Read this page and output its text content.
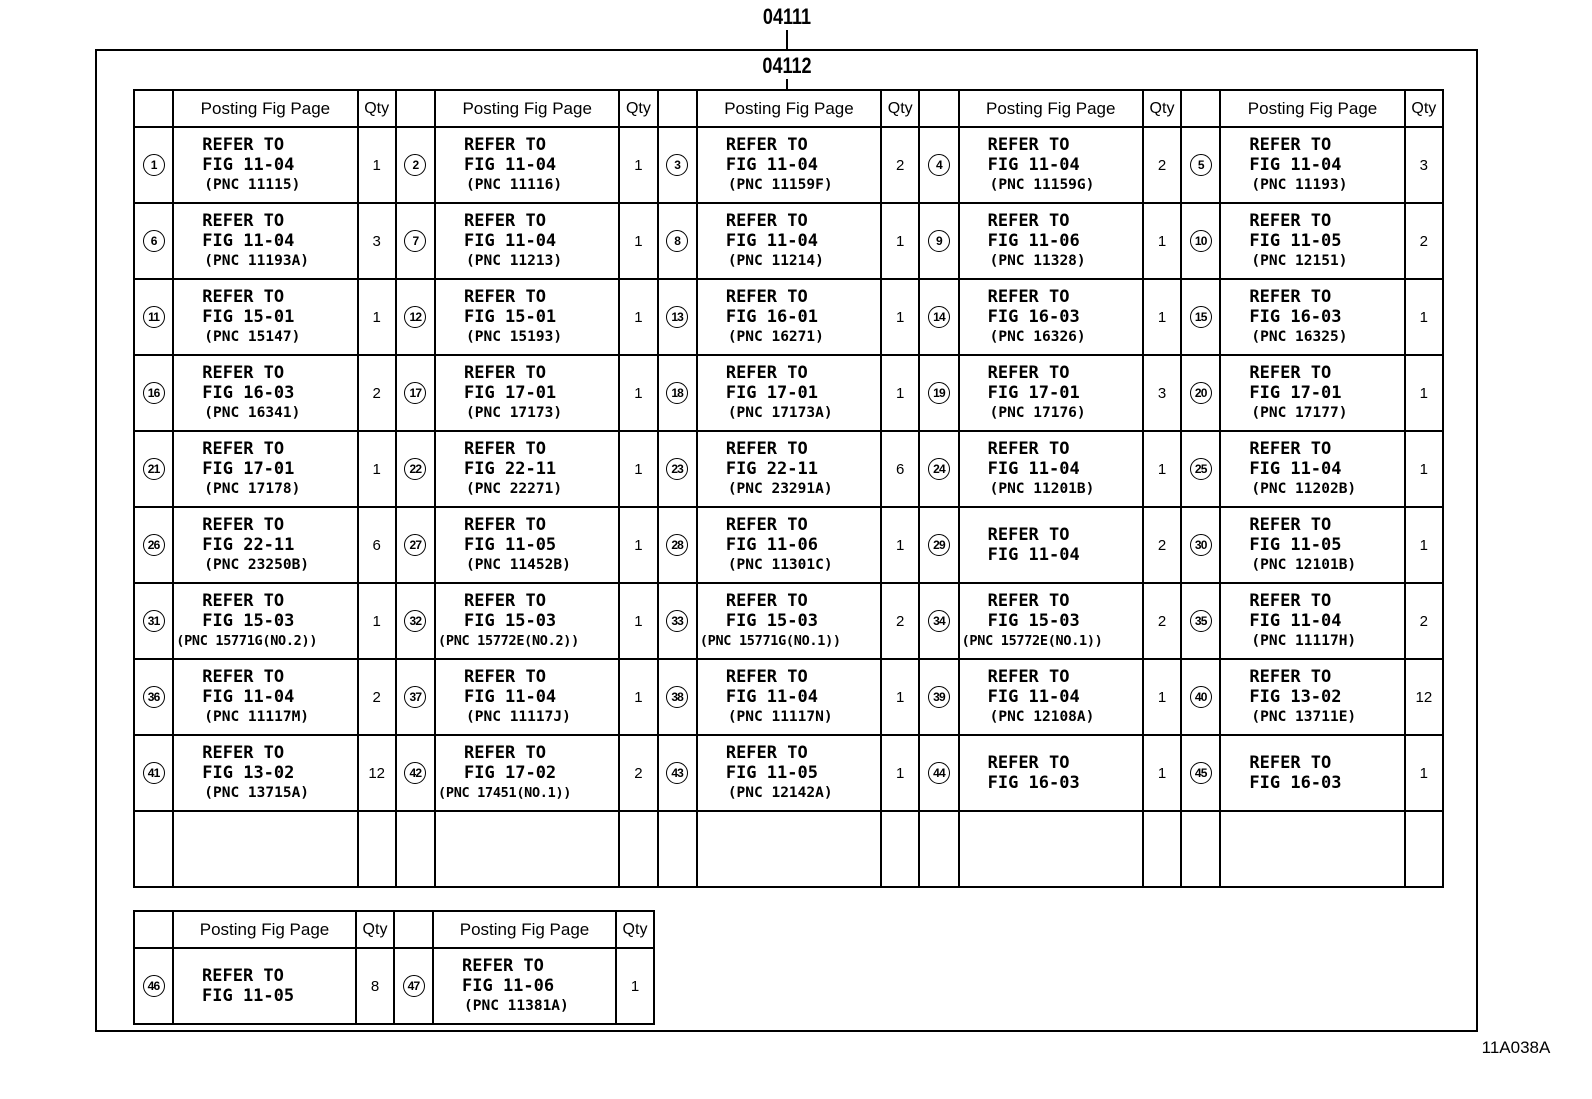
04111
04112
	Posting Fig Page	Qty		Posting Fig Page	Qty		Posting Fig Page	Qty		Posting Fig Page	Qty		Posting Fig Page	Qty
1	REFER TO
FIG 11-04
(PNC 11115)	1	2	REFER TO
FIG 11-04
(PNC 11116)	1	3	REFER TO
FIG 11-04
(PNC 11159F)	2	4	REFER TO
FIG 11-04
(PNC 11159G)	2	5	REFER TO
FIG 11-04
(PNC 11193)	3
6	REFER TO
FIG 11-04
(PNC 11193A)	3	7	REFER TO
FIG 11-04
(PNC 11213)	1	8	REFER TO
FIG 11-04
(PNC 11214)	1	9	REFER TO
FIG 11-06
(PNC 11328)	1	10	REFER TO
FIG 11-05
(PNC 12151)	2
11	REFER TO
FIG 15-01
(PNC 15147)	1	12	REFER TO
FIG 15-01
(PNC 15193)	1	13	REFER TO
FIG 16-01
(PNC 16271)	1	14	REFER TO
FIG 16-03
(PNC 16326)	1	15	REFER TO
FIG 16-03
(PNC 16325)	1
16	REFER TO
FIG 16-03
(PNC 16341)	2	17	REFER TO
FIG 17-01
(PNC 17173)	1	18	REFER TO
FIG 17-01
(PNC 17173A)	1	19	REFER TO
FIG 17-01
(PNC 17176)	3	20	REFER TO
FIG 17-01
(PNC 17177)	1
21	REFER TO
FIG 17-01
(PNC 17178)	1	22	REFER TO
FIG 22-11
(PNC 22271)	1	23	REFER TO
FIG 22-11
(PNC 23291A)	6	24	REFER TO
FIG 11-04
(PNC 11201B)	1	25	REFER TO
FIG 11-04
(PNC 11202B)	1
26	REFER TO
FIG 22-11
(PNC 23250B)	6	27	REFER TO
FIG 11-05
(PNC 11452B)	1	28	REFER TO
FIG 11-06
(PNC 11301C)	1	29	REFER TO
FIG 11-04	2	30	REFER TO
FIG 11-05
(PNC 12101B)	1
31	REFER TO
FIG 15-03
(PNC 15771G(NO.2))	1	32	REFER TO
FIG 15-03
(PNC 15772E(NO.2))	1	33	REFER TO
FIG 15-03
(PNC 15771G(NO.1))	2	34	REFER TO
FIG 15-03
(PNC 15772E(NO.1))	2	35	REFER TO
FIG 11-04
(PNC 11117H)	2
36	REFER TO
FIG 11-04
(PNC 11117M)	2	37	REFER TO
FIG 11-04
(PNC 11117J)	1	38	REFER TO
FIG 11-04
(PNC 11117N)	1	39	REFER TO
FIG 11-04
(PNC 12108A)	1	40	REFER TO
FIG 13-02
(PNC 13711E)	12
41	REFER TO
FIG 13-02
(PNC 13715A)	12	42	REFER TO
FIG 17-02
(PNC 17451(NO.1))	2	43	REFER TO
FIG 11-05
(PNC 12142A)	1	44	REFER TO
FIG 16-03	1	45	REFER TO
FIG 16-03	1

	Posting Fig Page	Qty		Posting Fig Page	Qty
46	REFER TO
FIG 11-05	8	47	REFER TO
FIG 11-06
(PNC 11381A)	1
11A038A
